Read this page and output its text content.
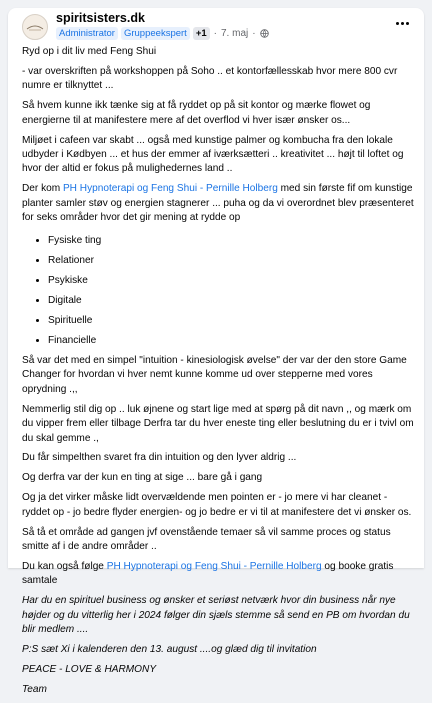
spiritsisters.dk
Administrator Gruppeekspert +1 · 7. maj ·

Ryd op i dit liv med Feng Shui

- var overskriften på workshoppen på Soho .. et kontorfællesskab hvor mere 800 cvr numre er tilknyttet ...

Så hvem kunne ikk tænke sig at få ryddet op på sit kontor og mærke flowet og energierne til at manifestere mere af det overflod vi hver især ønsker os...

Miljøet i cafeen var skabt ... også med kunstige palmer og kombucha fra den lokale udbyder i Kødbyen ... et hus der emmer af iværksætteri .. kreativitet ... højt til loftet og hvor der altid er fokus på mulighedernes land ..

Der kom PH Hypnoterapi og Feng Shui - Pernille Holberg med sin første fif om kunstige planter samler støv og energien stagnerer ... puha og da vi overordnet blev præsenteret for seks områder hvor det gir mening at rydde op

• Fysiske ting
• Relationer
• Psykiske
• Digitale
• Spirituelle
• Financielle

Så var det med en simpel "intuition - kinesiologisk øvelse" der var der den store Game Changer for hvordan vi hver nemt kunne komme ud over stepperne med vores oprydning .,,

Nemmerlig stil dig op .. luk øjnene og start lige med at spørg på dit navn ,, og mærk om du vipper frem eller tilbage Derfra tar du hver eneste ting eller beslutning du er i tvivl om du skal gemme .,

Du får simpelthen svaret fra din intuition og den lyver aldrig ...

Og derfra var der kun en ting at sige ... bare gå i gang

Og ja det virker måske lidt overvældende men pointen er - jo mere vi har cleanet - ryddet op - jo bedre flyder energien- og jo bedre er vi til at manifestere det vi ønsker os.

Så tå et område ad gangen jvf ovenstående temaer så vil samme proces og status smitte af i de andre områder ..

Du kan også følge PH Hypnoterapi og Feng Shui - Pernille Holberg og booke gratis samtale

Har du en spirituel business og ønsker et seriøst netværk hvor din business når nye højder og du vitterlig her i 2024 følger din sjæls stemme så send en PB om hvordan du blir medlem ....

P:S sæt Xi i kalenderen den 13. august ....og glæd dig til invitation

PEACE - LOVE & HARMONY

Team
